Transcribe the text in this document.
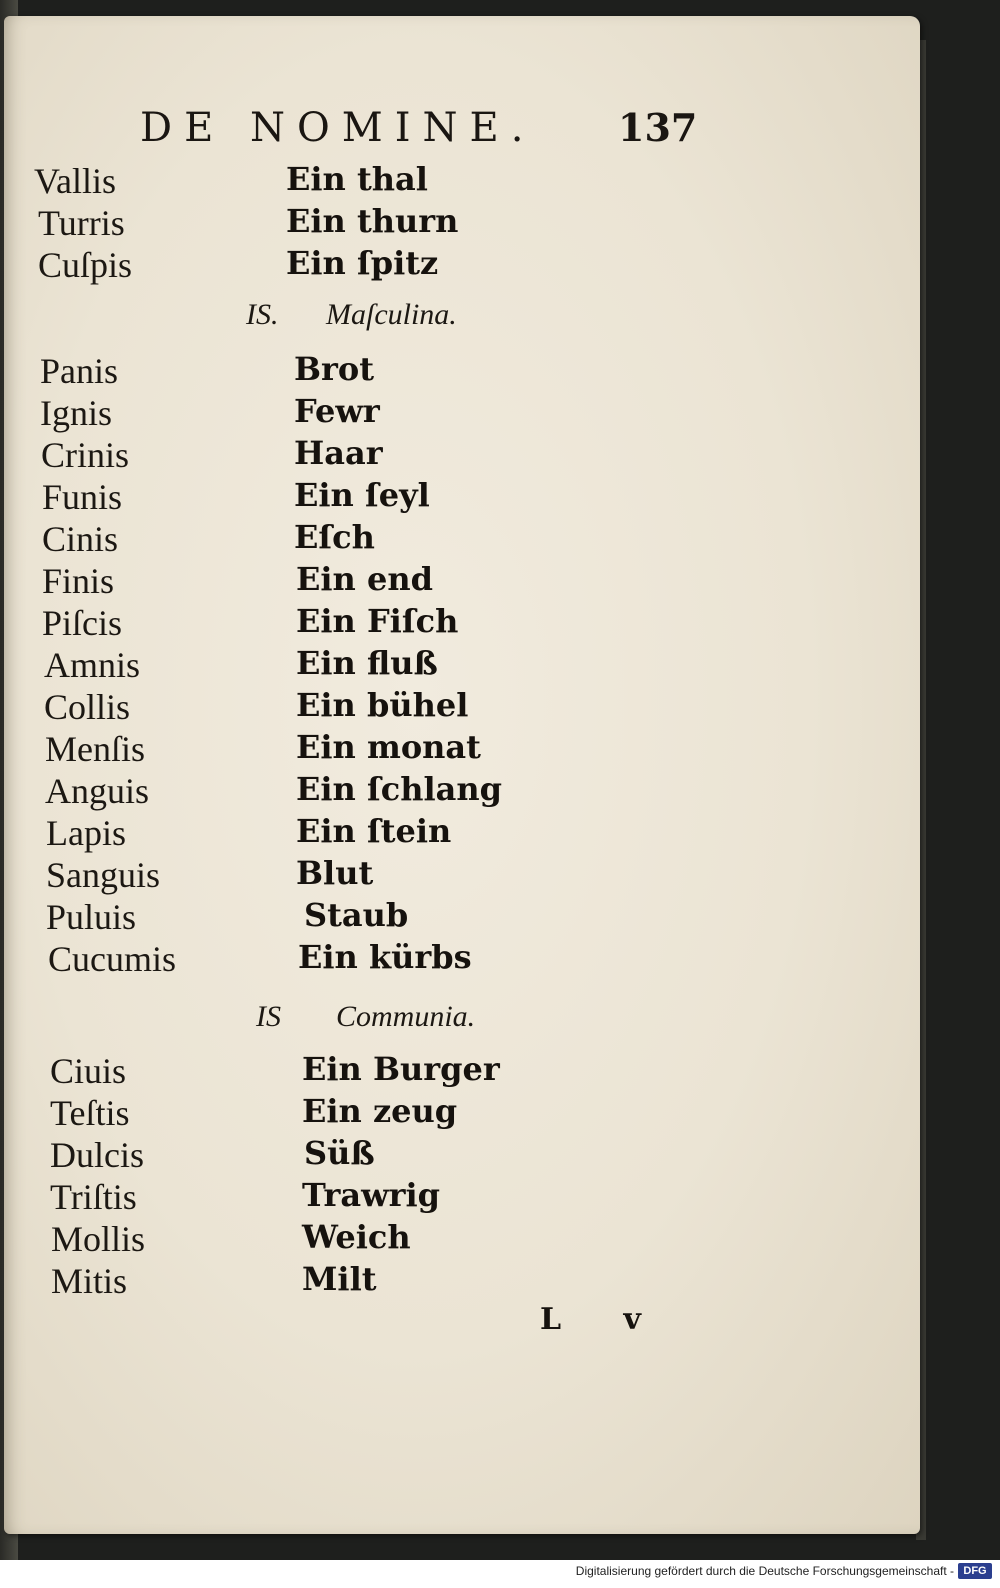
DE NOMINE. 137
Vallis	Ein thal
Turris	Ein thurn
Cuſpis	Ein ſpitz
IS. Maſculina.
Panis	Brot
Ignis	Fewr
Crinis	Haar
Funis	Ein ſeyl
Cinis	Eſch
Finis	Ein end
Piſcis	Ein Fiſch
Amnis	Ein fluß
Collis	Ein bühel
Menſis	Ein monat
Anguis	Ein ſchlang
Lapis	Ein ſtein
Sanguis	Blut
Puluis	Staub
Cucumis	Ein kürbs
IS Communia.
Ciuis	Ein Burger
Teſtis	Ein zeug
Dulcis	Süß
Triſtis	Trawrig
Mollis	Weich
Mitis	Milt
L v
Digitalisierung gefördert durch die Deutsche Forschungsgemeinschaft - DFG
